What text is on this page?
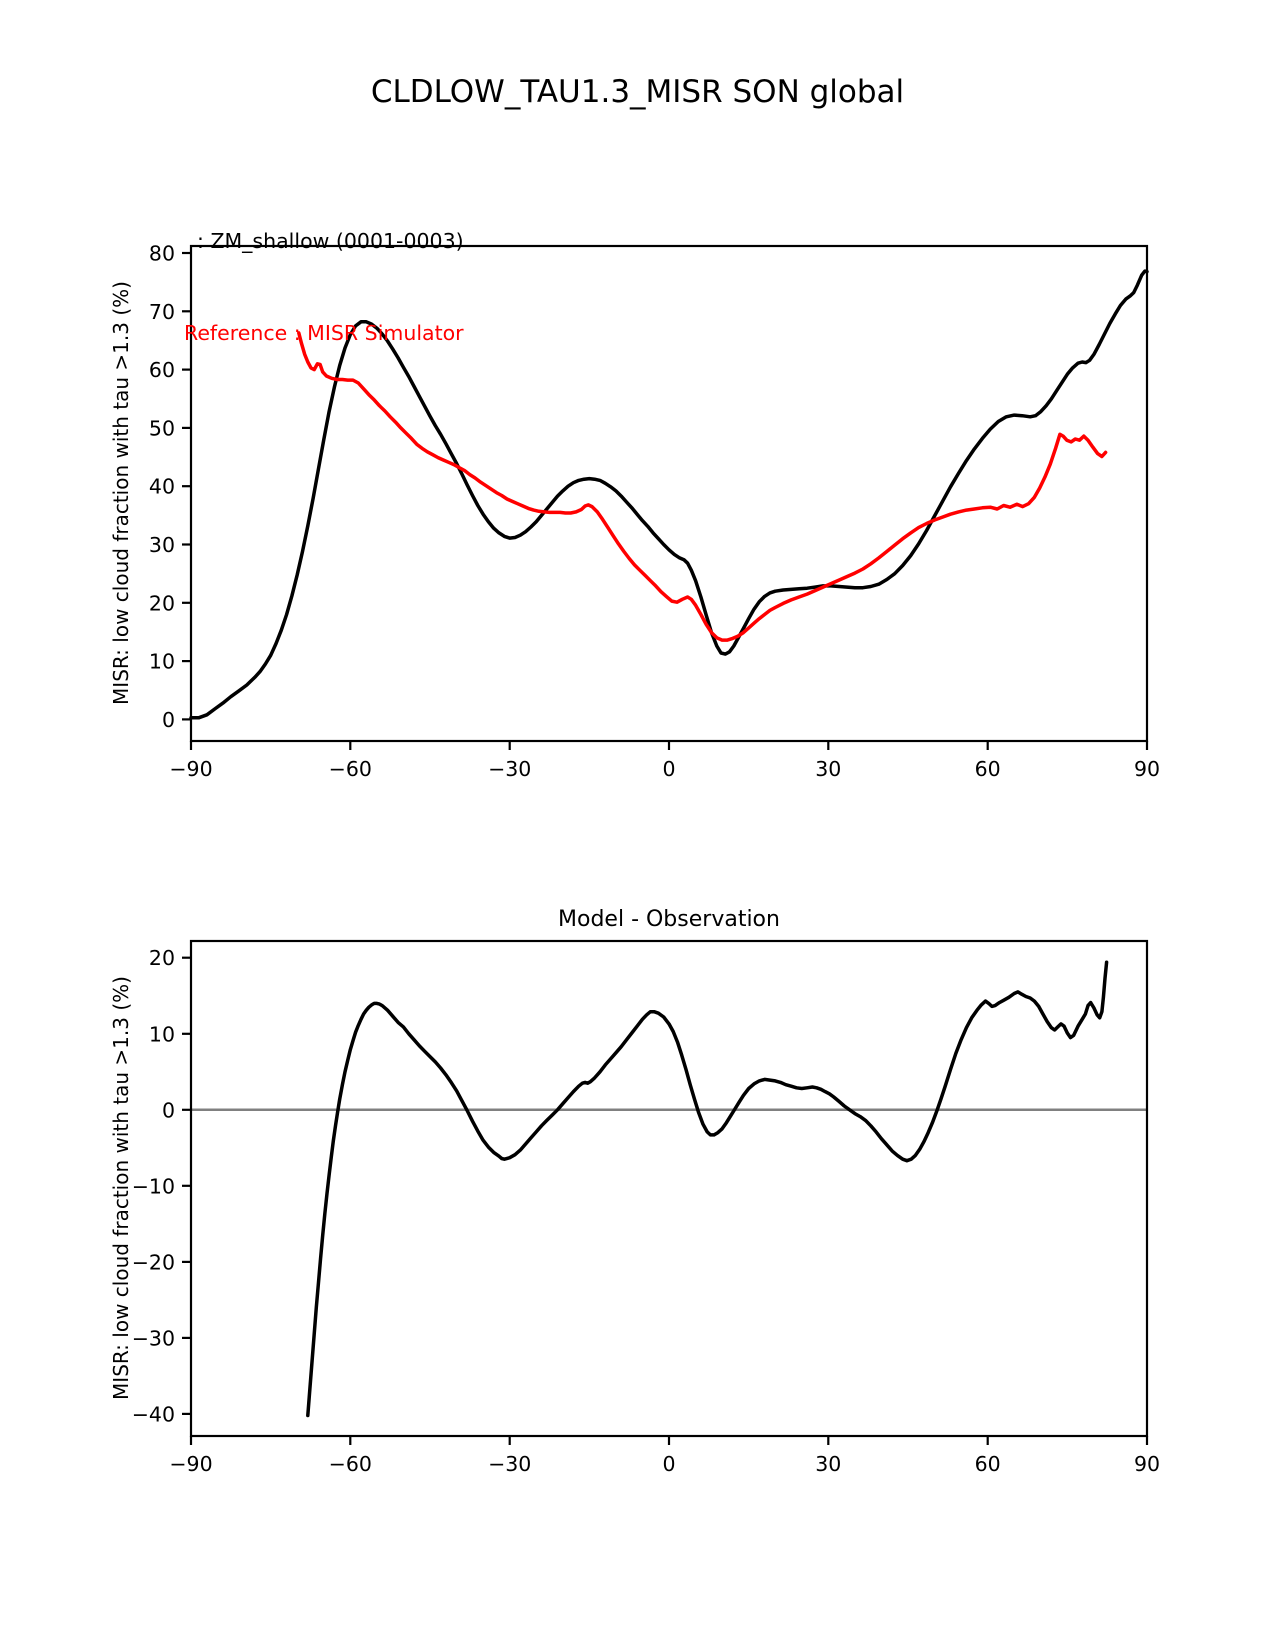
−90	−60	−30	0	30	60	90
0
10
20
30
40
50
60
70
80
−90	−60	−30	0	30	60	90
−40
−30
−20
−10
0
10
20
CLDLOW_TAU1.3_MISR SON global

: ZM_shallow (0001-0003)

Reference : MISR Simulator

MISR: low cloud fraction with tau >1.3 (%)
Model - Observation
MISR: low cloud fraction with tau >1.3 (%)
